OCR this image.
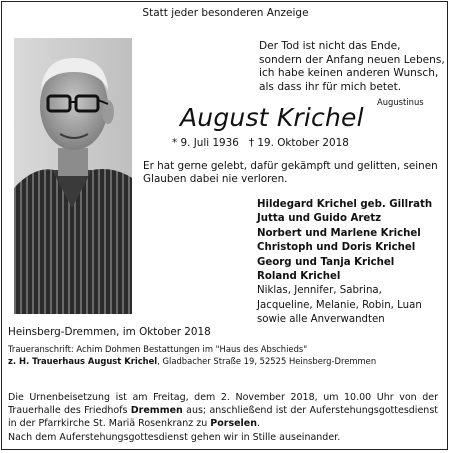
Statt jeder besonderen Anzeige
Der Tod ist nicht das Ende,
sondern der Anfang neuen Lebens,
ich habe keinen anderen Wunsch,
als dass ihr für mich betet.
Augustinus
August Krichel
* 9. Juli 1936 † 19. Oktober 2018
Er hat gerne gelebt, dafür gekämpft und gelitten, seinen
Glauben dabei nie verloren.
Hildegard Krichel geb. Gillrath
Jutta und Guido Aretz
Norbert und Marlene Krichel
Christoph und Doris Krichel
Georg und Tanja Krichel
Roland Krichel
Niklas, Jennifer, Sabrina,
Jacqueline, Melanie, Robin, Luan
sowie alle Anverwandten
Heinsberg-Dremmen, im Oktober 2018
Traueranschrift: Achim Dohmen Bestattungen im "Haus des Abschieds"
z. H. Trauerhaus August Krichel, Gladbacher Straße 19, 52525 Heinsberg-Dremmen
Die Urnenbeisetzung ist am Freitag, dem 2. November 2018, um 10.00 Uhr von der Trauerhalle des Friedhofs Dremmen aus; anschließend ist der Auferstehungsgottesdienst in der Pfarrkirche St. Mariä Rosenkranz zu Porselen.
Nach dem Auferstehungsgottesdienst gehen wir in Stille auseinander.
